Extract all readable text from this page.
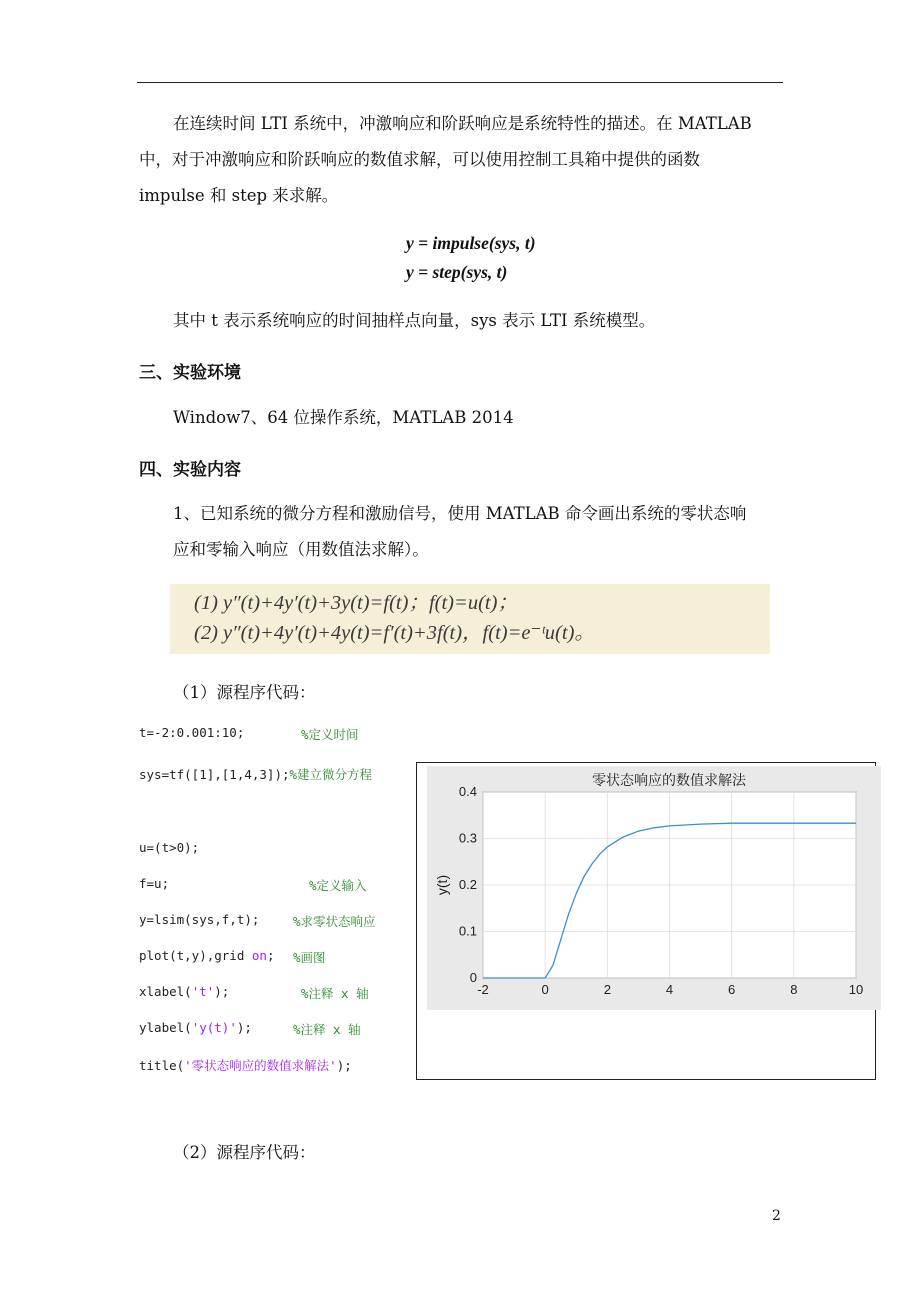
在连续时间 LTI 系统中，冲激响应和阶跃响应是系统特性的描述。在 MATLAB

中，对于冲激响应和阶跃响应的数值求解，可以使用控制工具箱中提供的函数

impulse 和 step 来求解。

y = impulse(sys, t)
y = step(sys, t)
其中 t 表示系统响应的时间抽样点向量，sys 表示 LTI 系统模型。
三、实验环境
Window7、64 位操作系统，MATLAB 2014
四、实验内容

1、已知系统的微分方程和激励信号，使用 MATLAB 命令画出系统的零状态响

应和零输入响应（用数值法求解）。

(1) y″(t)+4y′(t)+3y(t)=f(t)；f(t)=u(t)；

(2) y″(t)+4y′(t)+4y(t)=f′(t)+3f(t)，f(t)=e⁻ᵗu(t)。

（1）源程序代码：
t=-2:0.001:10;	%定义时间
sys=tf([1],[1,4,3]);%建立微分方程
u=(t>0);
f=u;	%定义输入
y=lsim(sys,f,t);	%求零状态响应
plot(t,y),grid on; %画图
xlabel('t');	%注释 x 轴
ylabel('y(t)');	%注释 x 轴
title('零状态响应的数值求解法');
-2	0	2	4	6	8	10
0
0.1
0.2
0.3
0.4
零状态响应的数值求解法
y(t)
（2）源程序代码：
2
